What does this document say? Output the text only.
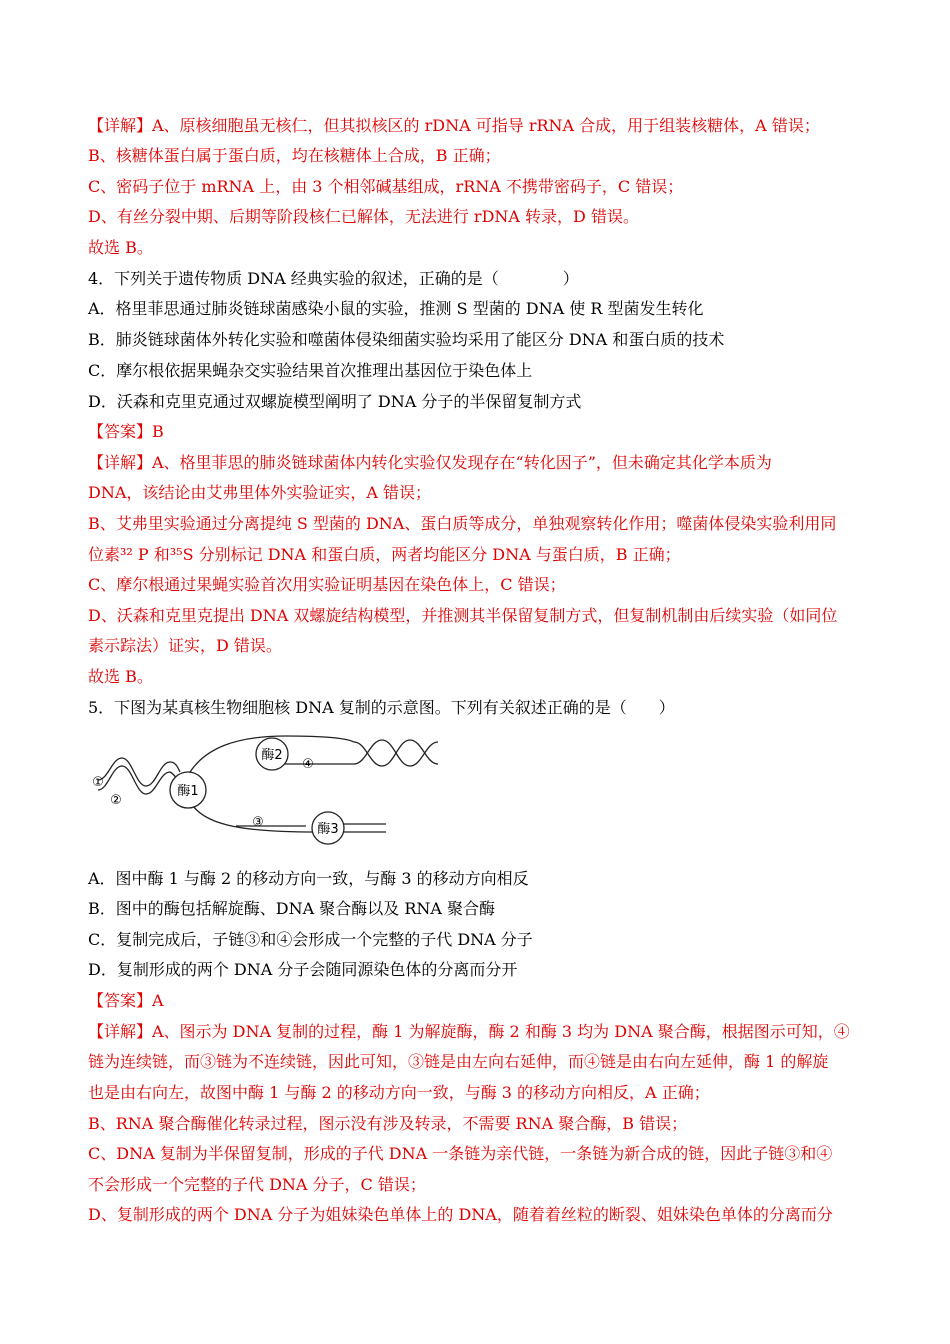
【详解】A、原核细胞虽无核仁，但其拟核区的 rDNA 可指导 rRNA 合成，用于组装核糖体，A 错误；
B、核糖体蛋白属于蛋白质，均在核糖体上合成，B 正确；
C、密码子位于 mRNA 上，由 3 个相邻碱基组成，rRNA 不携带密码子，C 错误；
D、有丝分裂中期、后期等阶段核仁已解体，无法进行 rDNA 转录，D 错误。
故选 B。
4．下列关于遗传物质 DNA 经典实验的叙述，正确的是（　　　　）
A．格里菲思通过肺炎链球菌感染小鼠的实验，推测 S 型菌的 DNA 使 R 型菌发生转化
B．肺炎链球菌体外转化实验和噬菌体侵染细菌实验均采用了能区分 DNA 和蛋白质的技术
C．摩尔根依据果蝇杂交实验结果首次推理出基因位于染色体上
D．沃森和克里克通过双螺旋模型阐明了 DNA 分子的半保留复制方式
【答案】B
【详解】A、格里菲思的肺炎链球菌体内转化实验仅发现存在“转化因子”，但未确定其化学本质为
DNA，该结论由艾弗里体外实验证实，A 错误；
B、艾弗里实验通过分离提纯 S 型菌的 DNA、蛋白质等成分，单独观察转化作用；噬菌体侵染实验利用同
位素³² P 和³⁵S 分别标记 DNA 和蛋白质，两者均能区分 DNA 与蛋白质，B 正确；
C、摩尔根通过果蝇实验首次用实验证明基因在染色体上，C 错误；
D、沃森和克里克提出 DNA 双螺旋结构模型，并推测其半保留复制方式，但复制机制由后续实验（如同位
素示踪法）证实，D 错误。
故选 B。
5．下图为某真核生物细胞核 DNA 复制的示意图。下列有关叙述正确的是（　　）
酶1
酶2
酶3
①
②
③
④
A．图中酶 1 与酶 2 的移动方向一致，与酶 3 的移动方向相反
B．图中的酶包括解旋酶、DNA 聚合酶以及 RNA 聚合酶
C．复制完成后，子链③和④会形成一个完整的子代 DNA 分子
D．复制形成的两个 DNA 分子会随同源染色体的分离而分开
【答案】A
【详解】A、图示为 DNA 复制的过程，酶 1 为解旋酶，酶 2 和酶 3 均为 DNA 聚合酶，根据图示可知，④
链为连续链，而③链为不连续链，因此可知，③链是由左向右延伸，而④链是由右向左延伸，酶 1 的解旋
也是由右向左，故图中酶 1 与酶 2 的移动方向一致，与酶 3 的移动方向相反，A 正确；
B、RNA 聚合酶催化转录过程，图示没有涉及转录，不需要 RNA 聚合酶，B 错误；
C、DNA 复制为半保留复制，形成的子代 DNA 一条链为亲代链，一条链为新合成的链，因此子链③和④
不会形成一个完整的子代 DNA 分子，C 错误；
D、复制形成的两个 DNA 分子为姐妹染色单体上的 DNA，随着着丝粒的断裂、姐妹染色单体的分离而分
